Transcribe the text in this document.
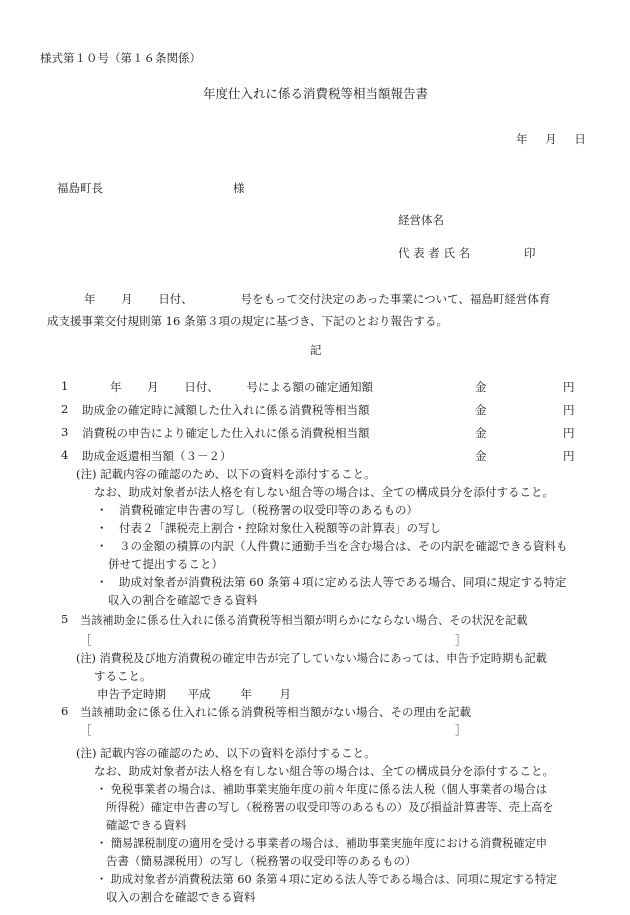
様式第１０号（第１６条関係）
年度仕入れに係る消費税等相当額報告書
年 月 日
福島町長	様
経営体名
代 表 者 氏 名	印
年 月 日付、	号をもって交付決定のあった事業について、福島町経営体育
成支援事業交付規則第 16 条第３項の規定に基づき、下記のとおり報告する。
記
1	年 月 日付、 号による額の確定通知額	金	円
2 助成金の確定時に減額した仕入れに係る消費税等相当額	金	円
3 消費税の申告により確定した仕入れに係る消費税相当額	金	円
4 助成金返還相当額（３－２）	金	円
(注) 記載内容の確認のため、以下の資料を添付すること。
なお、助成対象者が法人格を有しない組合等の場合は、全ての構成員分を添付すること。
・　消費税確定申告書の写し（税務署の収受印等のあるもの）
・　付表２「課税売上割合・控除対象仕入税額等の計算表」の写し
・　３の金額の積算の内訳（人件費に通勤手当を含む場合は、その内訳を確認できる資料も
併せて提出すること）
・　助成対象者が消費税法第 60 条第４項に定める法人等である場合、同項に規定する特定
収入の割合を確認できる資料
5 当該補助金に係る仕入れに係る消費税等相当額が明らかにならない場合、その状況を記載
［	］
(注) 消費税及び地方消費税の確定申告が完了していない場合にあっては、申告予定時期も記載
すること。
申告予定時期 平成	年 月
6 当該補助金に係る仕入れに係る消費税等相当額がない場合、その理由を記載
［	］
(注) 記載内容の確認のため、以下の資料を添付すること。
なお、助成対象者が法人格を有しない組合等の場合は、全ての構成員分を添付すること。
・ 免税事業者の場合は、補助事業実施年度の前々年度に係る法人税（個人事業者の場合は
所得税）確定申告書の写し（税務署の収受印等のあるもの）及び損益計算書等、売上高を
確認できる資料
・ 簡易課税制度の適用を受ける事業者の場合は、補助事業実施年度における消費税確定申
告書（簡易課税用）の写し（税務署の収受印等のあるもの）
・ 助成対象者が消費税法第 60 条第４項に定める法人等である場合は、同項に規定する特定
収入の割合を確認できる資料
